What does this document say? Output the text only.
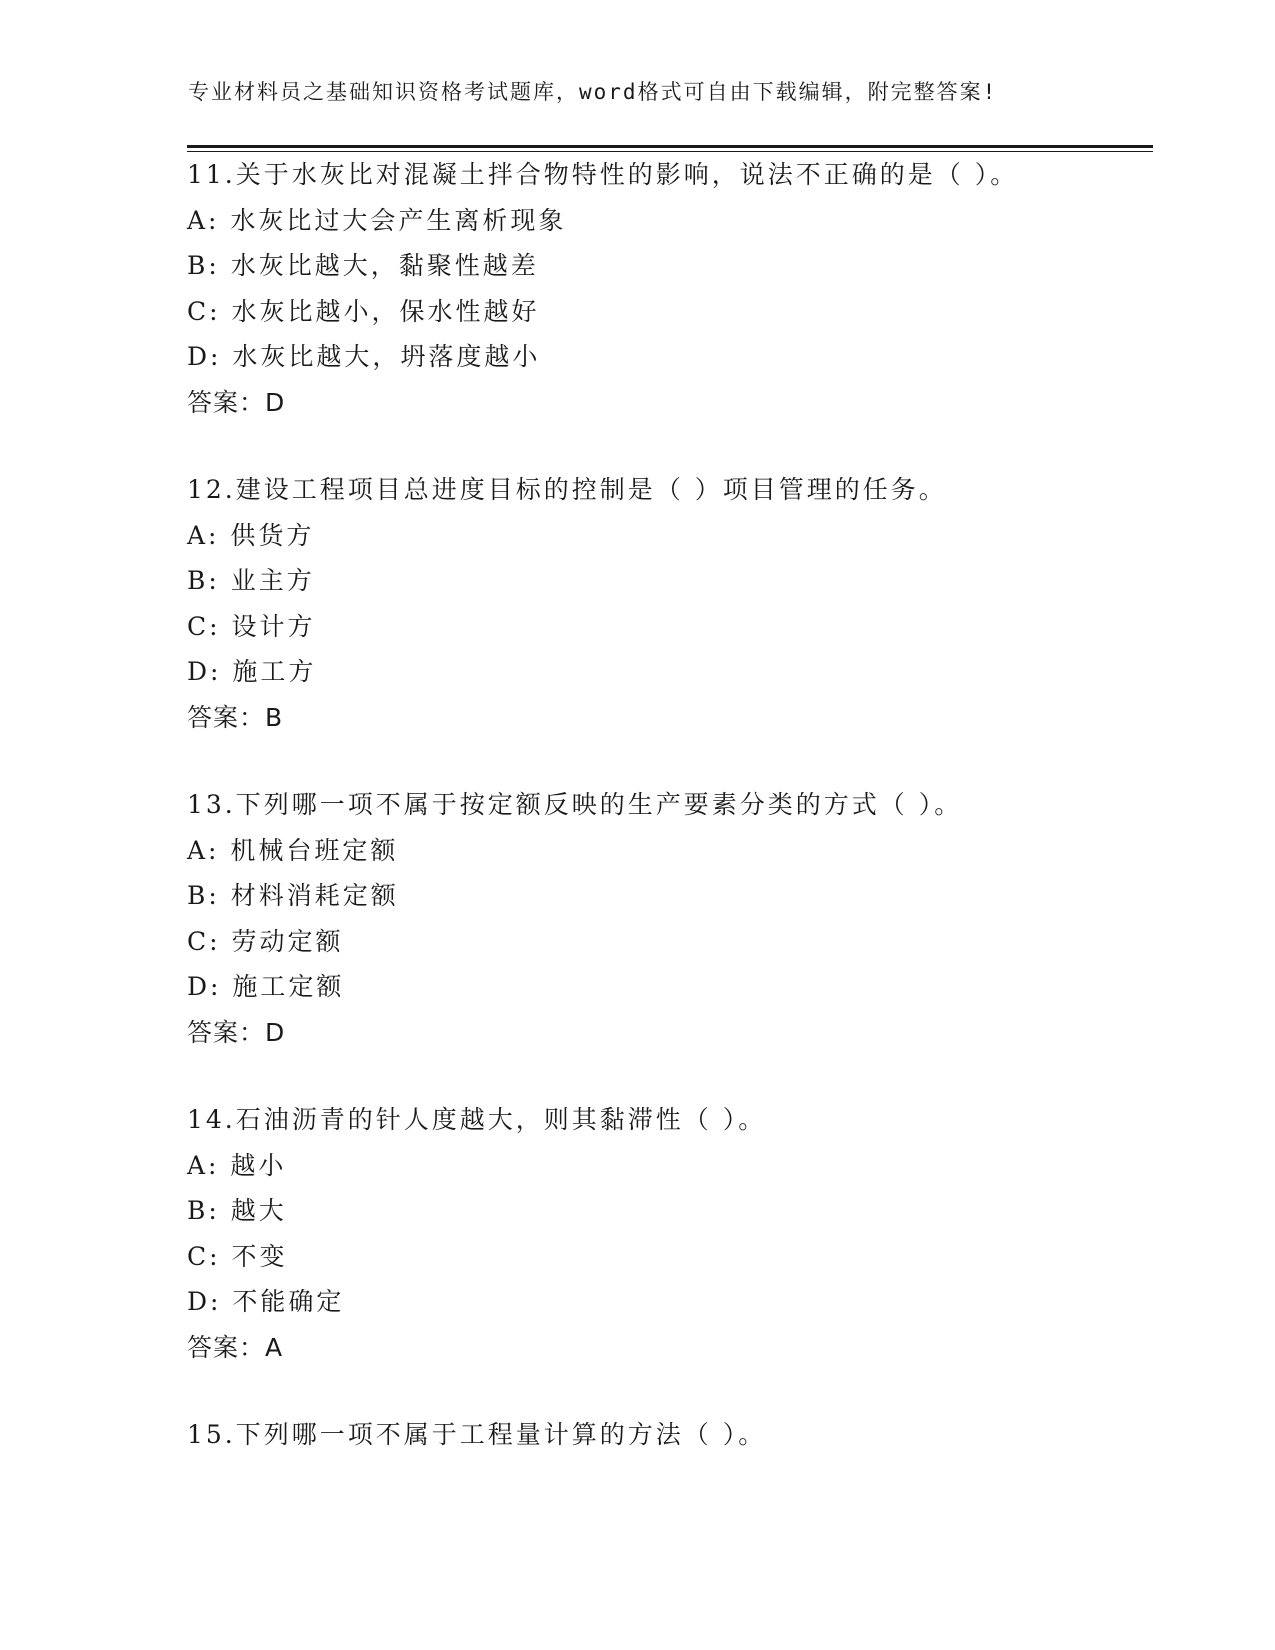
专业材料员之基础知识资格考试题库，word格式可自由下载编辑，附完整答案!
11.关于水灰比对混凝土拌合物特性的影响，说法不正确的是（ ）。
A: 水灰比过大会产生离析现象
B: 水灰比越大，黏聚性越差
C: 水灰比越小，保水性越好
D: 水灰比越大，坍落度越小
答案：D
12.建设工程项目总进度目标的控制是（ ）项目管理的任务。
A: 供货方
B: 业主方
C: 设计方
D: 施工方
答案：B
13.下列哪一项不属于按定额反映的生产要素分类的方式（ ）。
A: 机械台班定额
B: 材料消耗定额
C: 劳动定额
D: 施工定额
答案：D
14.石油沥青的针人度越大，则其黏滞性（ ）。
A: 越小
B: 越大
C: 不变
D: 不能确定
答案：A
15.下列哪一项不属于工程量计算的方法（ ）。
